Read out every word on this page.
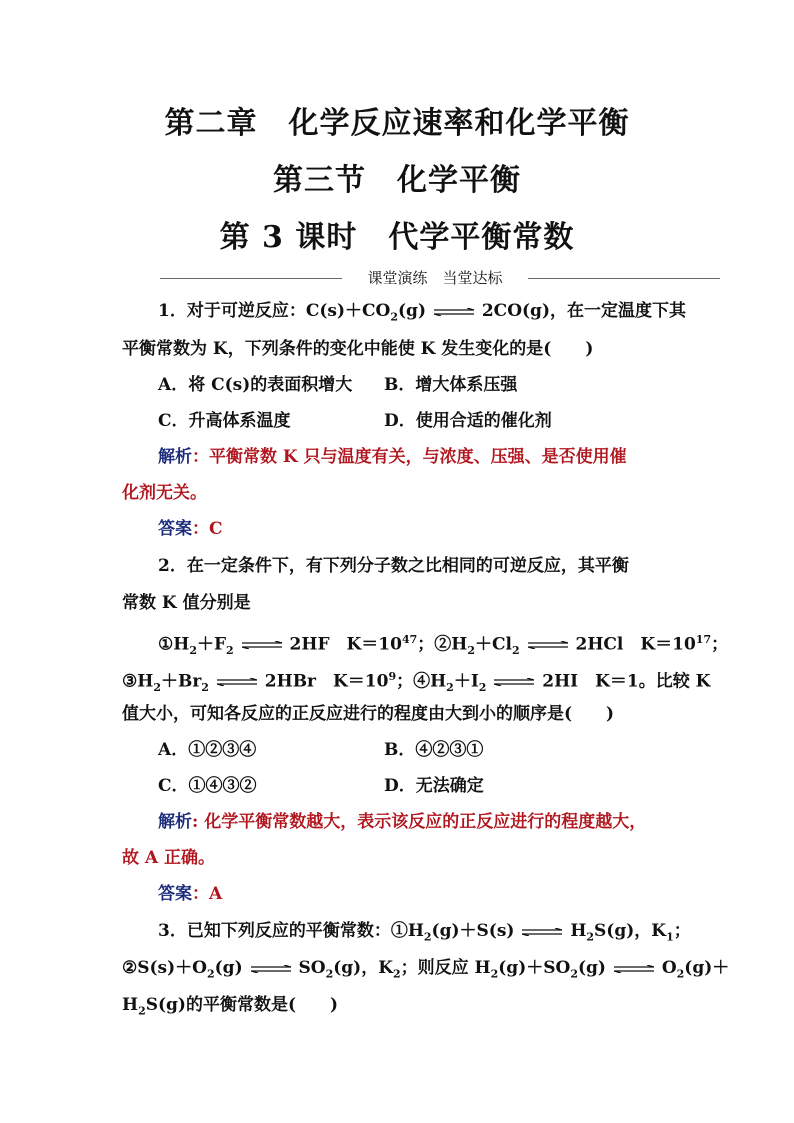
第二章　化学反应速率和化学平衡
第三节　化学平衡
第 3 课时　代学平衡常数
课堂演练　当堂达标
1．对于可逆反应：$C(s)+CO_2(g)$ ⇌ 2CO(g)，在一定温度下其
平衡常数为 K，下列条件的变化中能使 K 发生变化的是(　　)
A．将 C(s)的表面积增大 B．增大体系压强
C．升高体系温度	D．使用合适的催化剂
解析：平衡常数 K 只与温度有关，与浓度、压强、是否使用催
化剂无关。
答案：C
2．在一定条件下，有下列分子数之比相同的可逆反应，其平衡
常数 K 值分别是
$①H_2+F_2$ ⇌ 2HF　$K=10^{47}$；$②H_2+Cl_2$ ⇌ 2HCl　$K=10^{17}$；
$③H_2+Br_2$ ⇌ 2HBr　$K=10^9$；$④H_2+I_2$ ⇌ 2HI　K＝1。比较 K
值大小，可知各反应的正反应进行的程度由大到小的顺序是(　　)
A．①②③④	B．④②③①
C．①④③②	D．无法确定
解析: 化学平衡常数越大，表示该反应的正反应进行的程度越大，
故 A 正确。
答案：A
3．已知下列反应的平衡常数：$①H_2(g)+S(s)$ ⇌ $H_2S(g)$，$K_1$；
$②S(s)+O_2(g)$ ⇌ $SO_2(g)$，$K_2$；则反应 $H_2(g)+SO_2(g)$ ⇌ $O_2(g)+$
$H_2S(g)$的平衡常数是(　　)
